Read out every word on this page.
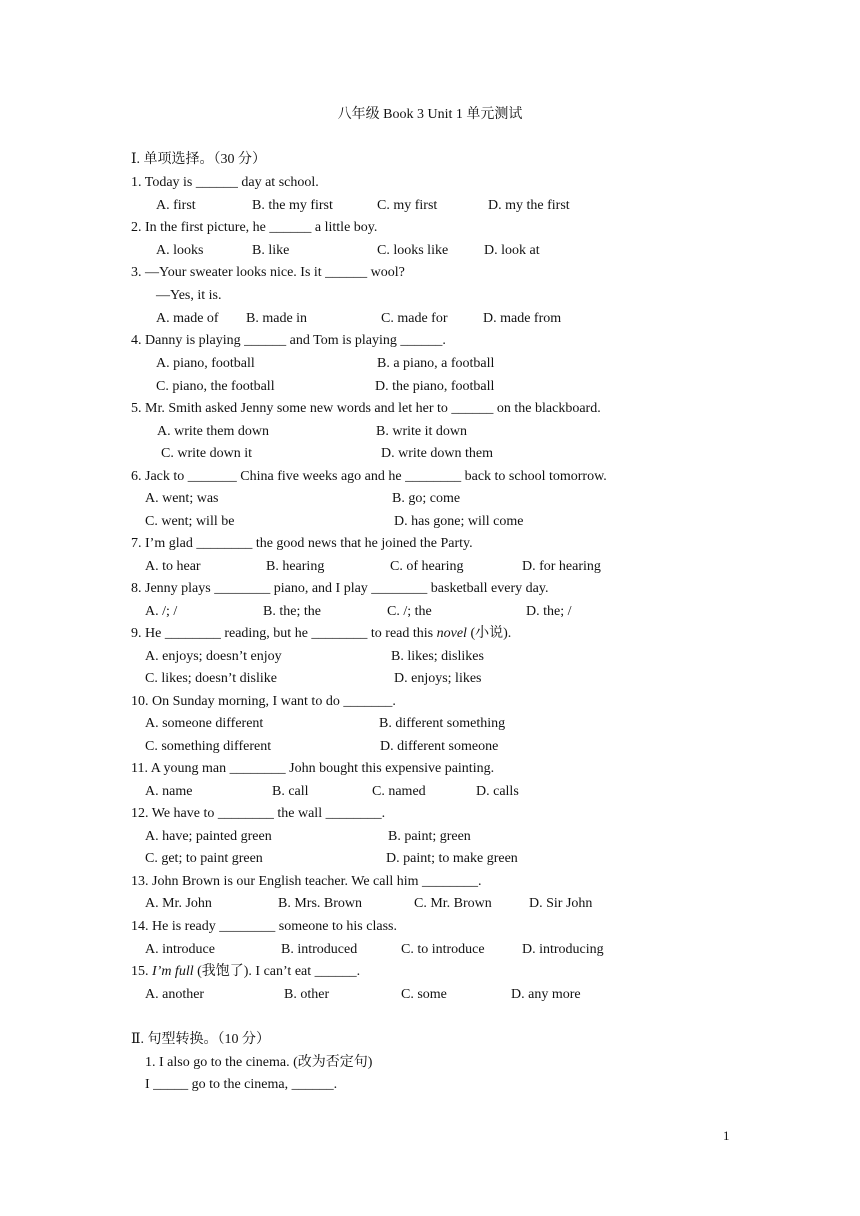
八年级 Book 3 Unit 1 单元测试
Ⅰ. 单项选择。（30 分）
1. Today is ______ day at school.
A. first	B. the my first	C. my first	D. my the first
2. In the first picture, he ______ a little boy.
A. looks	B. like	C. looks like	D. look at
3. —Your sweater looks nice. Is it ______ wool?
—Yes, it is.
A. made of B. made in	C. made for	D. made from
4. Danny is playing ______ and Tom is playing ______.
A. piano, football	B. a piano, a football
C. piano, the football	D. the piano, football
5. Mr. Smith asked Jenny some new words and let her to ______ on the blackboard.
A. write them down	B. write it down
C. write down it	D. write down them
6. Jack to _______ China five weeks ago and he ________ back to school tomorrow.
A. went; was	B. go; come
C. went; will be	D. has gone; will come
7. I’m glad ________ the good news that he joined the Party.
A. to hear	B. hearing	C. of hearing	D. for hearing
8. Jenny plays ________ piano, and I play ________ basketball every day.
A. /; /	B. the; the	C. /; the	D. the; /
9. He ________ reading, but he ________ to read this novel (小说).
A. enjoys; doesn’t enjoy	B. likes; dislikes
C. likes; doesn’t dislike	D. enjoys; likes
10. On Sunday morning, I want to do _______.
A. someone different	B. different something
C. something different	D. different someone
11. A young man ________ John bought this expensive painting.
A. name	B. call	C. named	D. calls
12. We have to ________ the wall ________.
A. have; painted green	B. paint; green
C. get; to paint green	D. paint; to make green
13. John Brown is our English teacher. We call him ________.
A. Mr. John	B. Mrs. Brown	C. Mr. Brown	D. Sir John
14. He is ready ________ someone to his class.
A. introduce	B. introduced	C. to introduce	D. introducing
15. I’m full (我饱了). I can’t eat ______.
A. another	B. other	C. some	D. any more
Ⅱ. 句型转换。（10 分）
1. I also go to the cinema. (改为否定句)
I _____ go to the cinema, ______.
1
